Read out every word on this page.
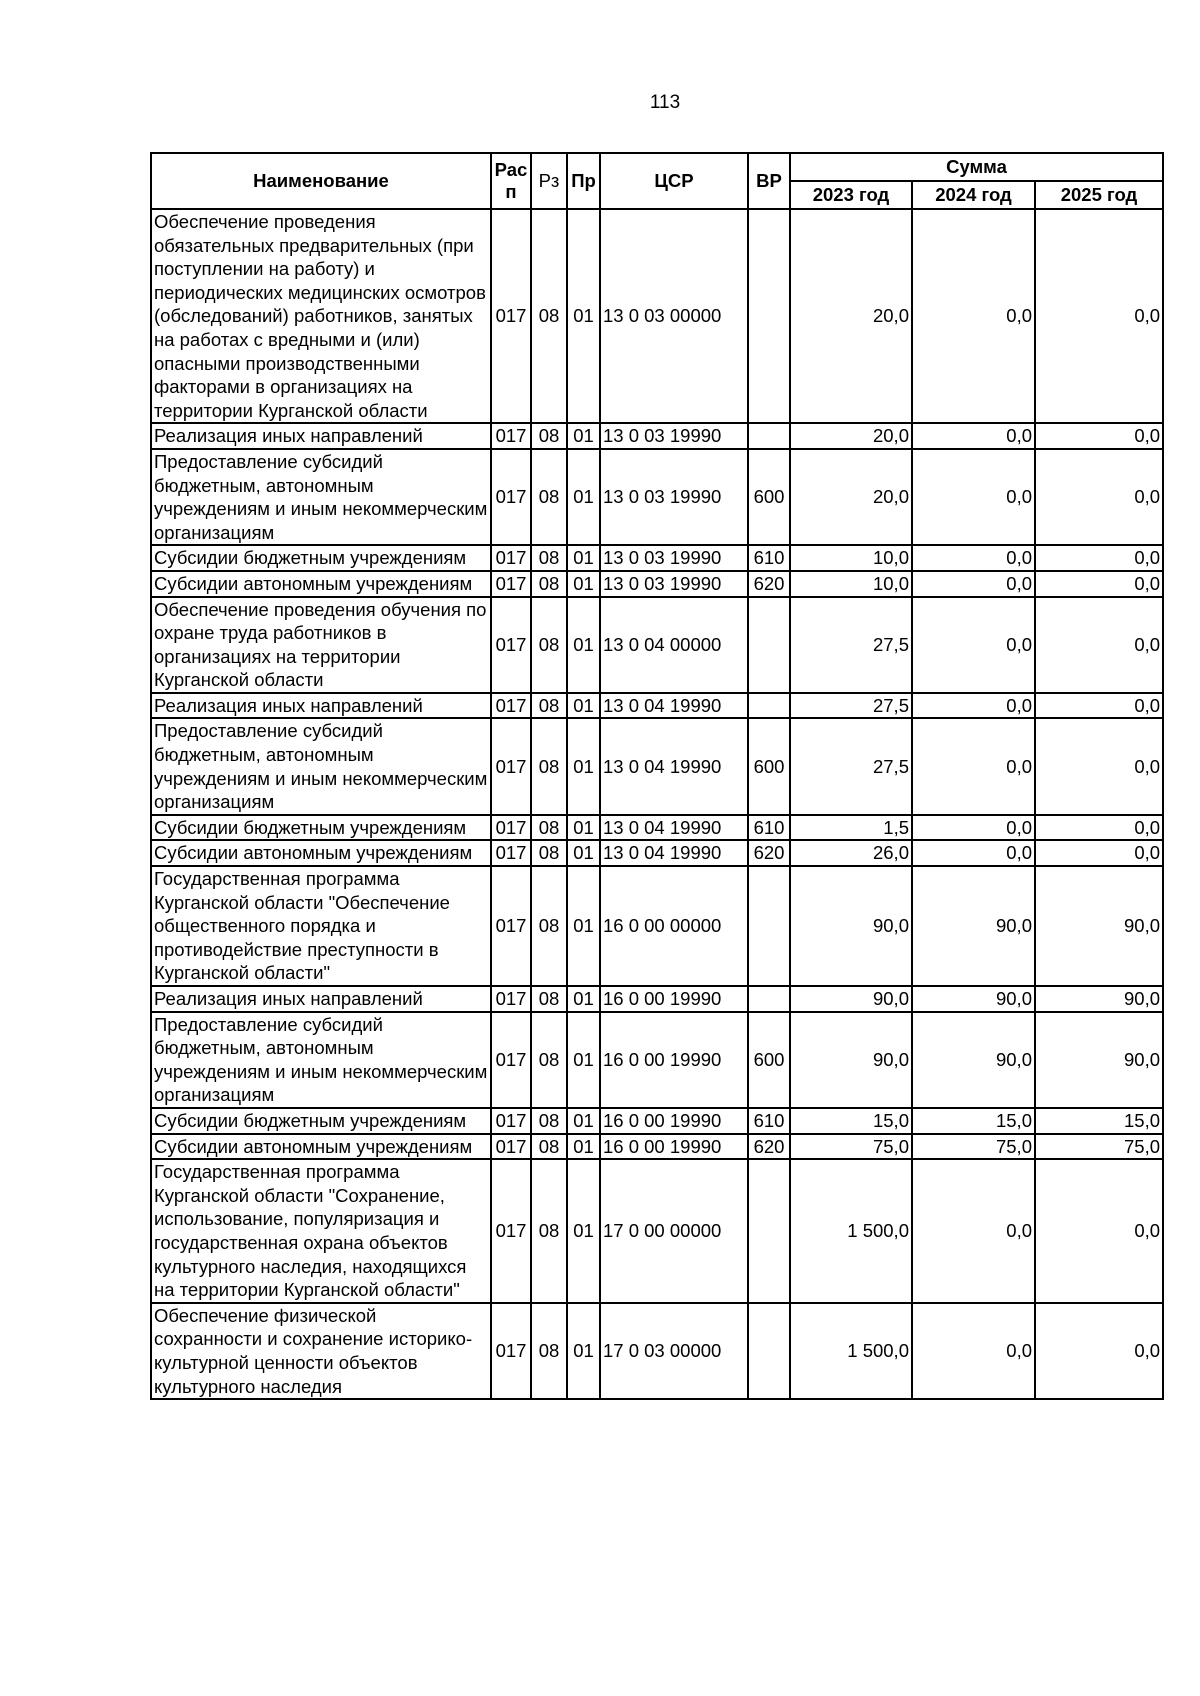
113
Наименование	Рас п	Рз	Пр	ЦСР	ВР	Сумма		
						2023 год	2024 год	2025 год
Обеспечение проведения обязательных предварительных (при поступлении на работу) и периодических медицинских осмотров (обследований) работников, занятых на работах с вредными и (или) опасными производственными факторами в организациях на территории Курганской области	017	08	01	13 0 03 00000		20,0	0,0	0,0
Реализация иных направлений	017	08	01	13 0 03 19990		20,0	0,0	0,0
Предоставление субсидий бюджетным, автономным учреждениям и иным некоммерческим организациям	017	08	01	13 0 03 19990	600	20,0	0,0	0,0
Субсидии бюджетным учреждениям	017	08	01	13 0 03 19990	610	10,0	0,0	0,0
Субсидии автономным учреждениям	017	08	01	13 0 03 19990	620	10,0	0,0	0,0
Обеспечение проведения обучения по охране труда работников в организациях на территории Курганской области	017	08	01	13 0 04 00000		27,5	0,0	0,0
Реализация иных направлений	017	08	01	13 0 04 19990		27,5	0,0	0,0
Предоставление субсидий бюджетным, автономным учреждениям и иным некоммерческим организациям	017	08	01	13 0 04 19990	600	27,5	0,0	0,0
Субсидии бюджетным учреждениям	017	08	01	13 0 04 19990	610	1,5	0,0	0,0
Субсидии автономным учреждениям	017	08	01	13 0 04 19990	620	26,0	0,0	0,0
Государственная программа Курганской области "Обеспечение общественного порядка и противодействие преступности в Курганской области"	017	08	01	16 0 00 00000		90,0	90,0	90,0
Реализация иных направлений	017	08	01	16 0 00 19990		90,0	90,0	90,0
Предоставление субсидий бюджетным, автономным учреждениям и иным некоммерческим организациям	017	08	01	16 0 00 19990	600	90,0	90,0	90,0
Субсидии бюджетным учреждениям	017	08	01	16 0 00 19990	610	15,0	15,0	15,0
Субсидии автономным учреждениям	017	08	01	16 0 00 19990	620	75,0	75,0	75,0
Государственная программа Курганской области "Сохранение, использование, популяризация и государственная охрана объектов культурного наследия, находящихся на территории Курганской области"	017	08	01	17 0 00 00000		1 500,0	0,0	0,0
Обеспечение физической сохранности и сохранение историко-культурной ценности объектов культурного наследия	017	08	01	17 0 03 00000		1 500,0	0,0	0,0
